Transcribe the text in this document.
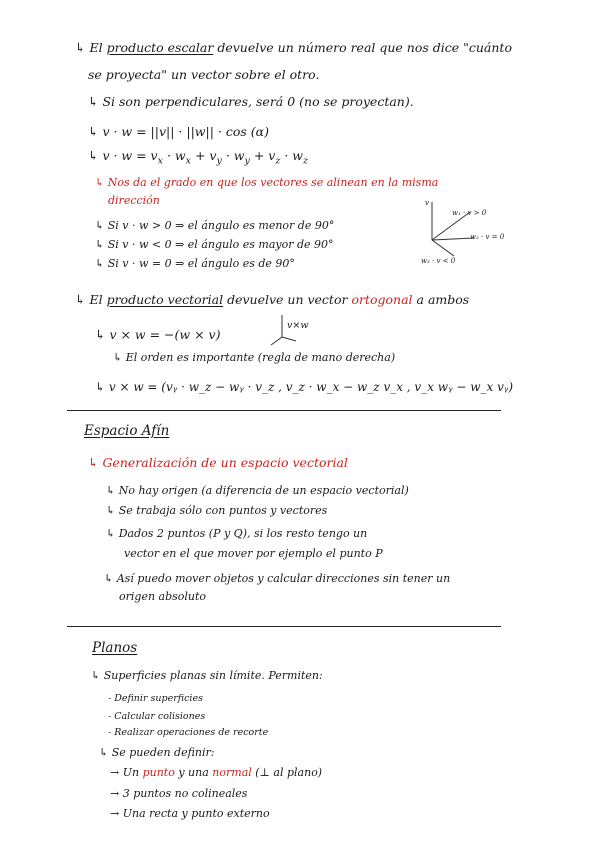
↳ El producto escalar devuelve un número real que nos dice "cuánto
se proyecta" un vector sobre el otro.
↳ Si son perpendiculares, será 0 (no se proyectan).
↳ v · w = ||v|| · ||w|| · cos (α)
↳ $v \cdot w = v_x \cdot w_x + v_y \cdot w_y + v_z \cdot w_z$
↳ Nos da el grado en que los vectores se alinean en la misma
dirección
↳ Si v · w > 0 ⇒ el ángulo es menor de 90°
↳ Si v · w < 0 ⇒ el ángulo es mayor de 90°
↳ Si v · w = 0 ⇒ el ángulo es de 90°
v
w₁ · v > 0
w₂ · v = 0
w₃ · v < 0
↳ El producto vectorial devuelve un vector ortogonal a ambos
↳ v × w = −(w × v)
v×w
↳ El orden es importante (regla de mano derecha)
↳ v × w = (vᵧ · w_z − wᵧ · v_z , v_z · w_x − w_z v_x , v_x wᵧ − w_x vᵧ)
Espacio Afín
↳ Generalización de un espacio vectorial
↳ No hay origen (a diferencia de un espacio vectorial)
↳ Se trabaja sólo con puntos y vectores
↳ Dados 2 puntos (P y Q), si los resto tengo un
vector en el que mover por ejemplo el punto P
↳ Así puedo mover objetos y calcular direcciones sin tener un
origen absoluto
Planos
↳ Superficies planas sin límite. Permiten:
- Definir superficies
- Calcular colisiones
- Realizar operaciones de recorte
↳ Se pueden definir:
→ Un punto y una normal (⊥ al plano)
→ 3 puntos no colineales
→ Una recta y punto externo
